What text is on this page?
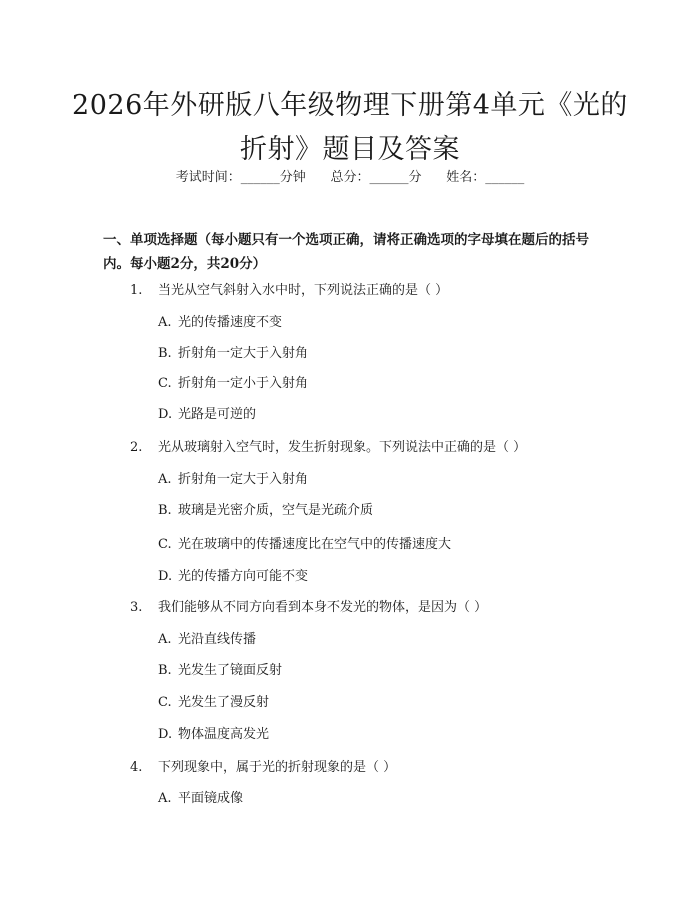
2026年外研版八年级物理下册第4单元《光的折射》题目及答案
考试时间：______分钟      总分：______分      姓名：______
一、单项选择题（每小题只有一个选项正确，请将正确选项的字母填在题后的括号内。每小题2分，共20分）
1. 当光从空气斜射入水中时，下列说法正确的是（ ）
A. 光的传播速度不变
B. 折射角一定大于入射角
C. 折射角一定小于入射角
D. 光路是可逆的
2. 光从玻璃射入空气时，发生折射现象。下列说法中正确的是（ ）
A. 折射角一定大于入射角
B. 玻璃是光密介质，空气是光疏介质
C. 光在玻璃中的传播速度比在空气中的传播速度大
D. 光的传播方向可能不变
3. 我们能够从不同方向看到本身不发光的物体，是因为（ ）
A. 光沿直线传播
B. 光发生了镜面反射
C. 光发生了漫反射
D. 物体温度高发光
4. 下列现象中，属于光的折射现象的是（ ）
A. 平面镜成像
